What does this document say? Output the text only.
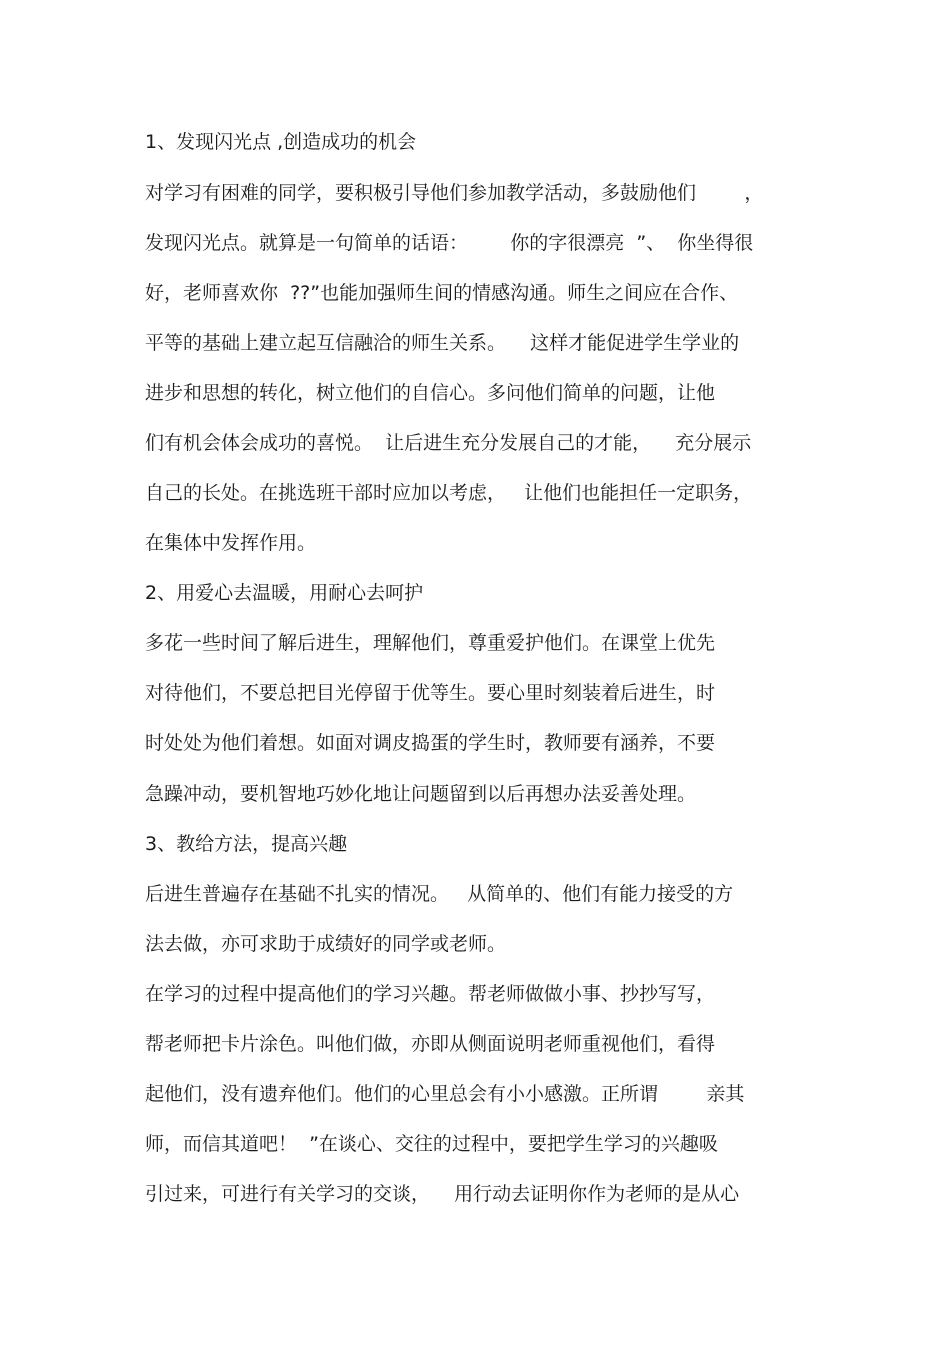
1、发现闪光点 ,创造成功的机会
对学习有困难的同学，要积极引导他们参加教学活动，多鼓励他们        ，
发现闪光点。就算是一句简单的话语：       你的字很漂亮  ”、  你坐得很
好，老师喜欢你  ??”也能加强师生间的情感沟通。师生之间应在合作、
平等的基础上建立起互信融洽的师生关系。    这样才能促进学生学业的
进步和思想的转化，树立他们的自信心。多问他们简单的问题，让他
们有机会体会成功的喜悦。  让后进生充分发展自己的才能，    充分展示
自己的长处。在挑选班干部时应加以考虑，   让他们也能担任一定职务，
在集体中发挥作用。
2、用爱心去温暖，用耐心去呵护
多花一些时间了解后进生，理解他们，尊重爱护他们。在课堂上优先
对待他们，不要总把目光停留于优等生。要心里时刻装着后进生，时
时处处为他们着想。如面对调皮捣蛋的学生时，教师要有涵养，不要
急躁冲动，要机智地巧妙化地让问题留到以后再想办法妥善处理。
3、教给方法，提高兴趣
后进生普遍存在基础不扎实的情况。   从简单的、他们有能力接受的方
法去做，亦可求助于成绩好的同学或老师。
在学习的过程中提高他们的学习兴趣。帮老师做做小事、抄抄写写，
帮老师把卡片涂色。叫他们做，亦即从侧面说明老师重视他们，看得
起他们，没有遗弃他们。他们的心里总会有小小感激。正所谓        亲其
师，而信其道吧！  ”在谈心、交往的过程中，要把学生学习的兴趣吸
引过来，可进行有关学习的交谈，    用行动去证明你作为老师的是从心
